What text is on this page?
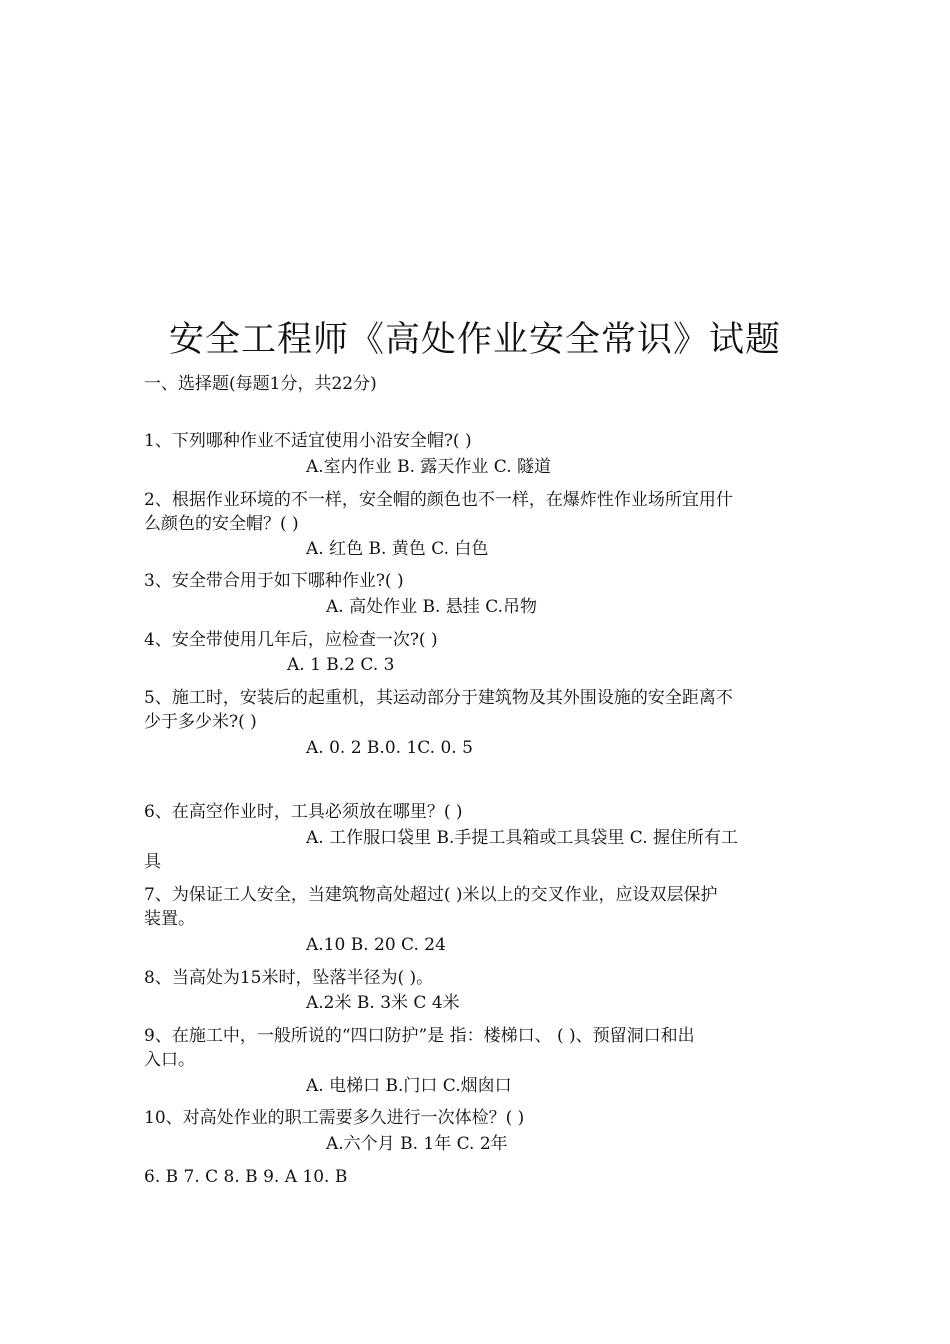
安全工程师《高处作业安全常识》试题
一、选择题(每题1分，共22分)
1、下列哪种作业不适宜使用小沿安全帽?( )
A.室内作业 B. 露天作业 C. 隧道
2、根据作业环境的不一样，安全帽的颜色也不一样，在爆炸性作业场所宜用什
么颜色的安全帽？( )
A. 红色 B. 黄色 C. 白色
3、安全带合用于如下哪种作业?( )
A. 高处作业 B. 悬挂 C.吊物
4、安全带使用几年后，应检查一次?( )
A. 1 B.2 C. 3
5、施工时，安装后的起重机，其运动部分于建筑物及其外围设施的安全距离不
少于多少米?( )
A. 0. 2 B.0. 1C. 0. 5
6、在高空作业时，工具必须放在哪里？( )
A. 工作服口袋里 B.手提工具箱或工具袋里 C. 握住所有工
具
7、为保证工人安全，当建筑物高处超过( )米以上的交叉作业，应设双层保护
装置。
A.10 B. 20 C. 24
8、当高处为15米时，坠落半径为( )。
A.2米 B. 3米 C 4米
9、在施工中，一般所说的“四口防护”是 指：楼梯口、 ( )、预留洞口和出
入口。
A. 电梯口 B.门口 C.烟囱口
10、对高处作业的职工需要多久进行一次体检？( )
A.六个月 B. 1年 C. 2年
6. B 7. C 8. B 9. A 10. B
